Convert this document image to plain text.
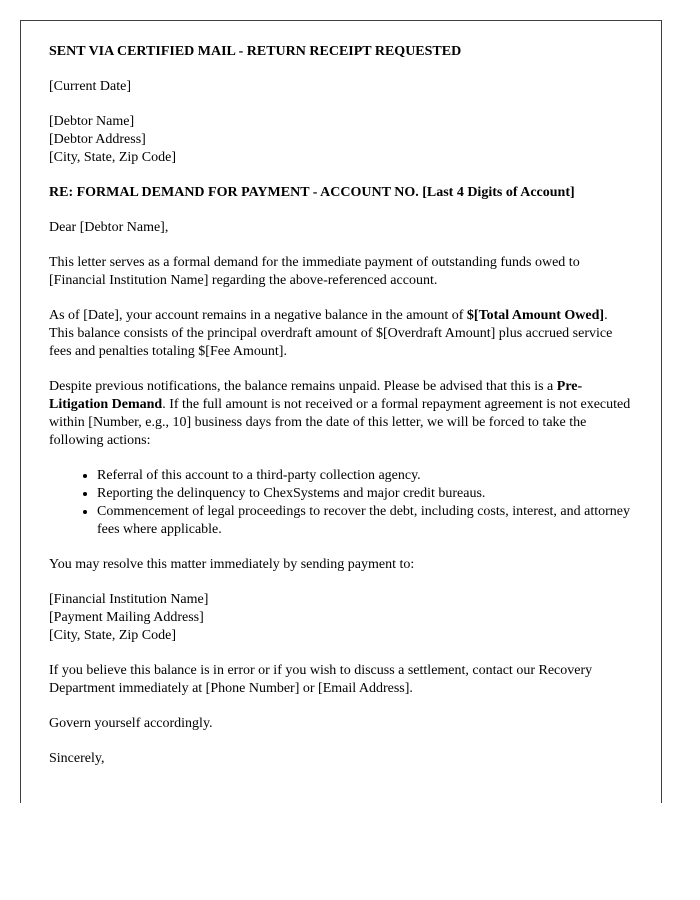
SENT VIA CERTIFIED MAIL - RETURN RECEIPT REQUESTED

[Current Date]

[Debtor Name]
[Debtor Address]
[City, State, Zip Code]

RE: FORMAL DEMAND FOR PAYMENT - ACCOUNT NO. [Last 4 Digits of Account]

Dear [Debtor Name],

This letter serves as a formal demand for the immediate payment of outstanding funds owed to [Financial Institution Name] regarding the above-referenced account.

As of [Date], your account remains in a negative balance in the amount of $[Total Amount Owed]. This balance consists of the principal overdraft amount of $[Overdraft Amount] plus accrued service fees and penalties totaling $[Fee Amount].

Despite previous notifications, the balance remains unpaid. Please be advised that this is a Pre-Litigation Demand. If the full amount is not received or a formal repayment agreement is not executed within [Number, e.g., 10] business days from the date of this letter, we will be forced to take the following actions:

• Referral of this account to a third-party collection agency.
• Reporting the delinquency to ChexSystems and major credit bureaus.
• Commencement of legal proceedings to recover the debt, including costs, interest, and attorney fees where applicable.

You may resolve this matter immediately by sending payment to:

[Financial Institution Name]
[Payment Mailing Address]
[City, State, Zip Code]

If you believe this balance is in error or if you wish to discuss a settlement, contact our Recovery Department immediately at [Phone Number] or [Email Address].

Govern yourself accordingly.

Sincerely,
